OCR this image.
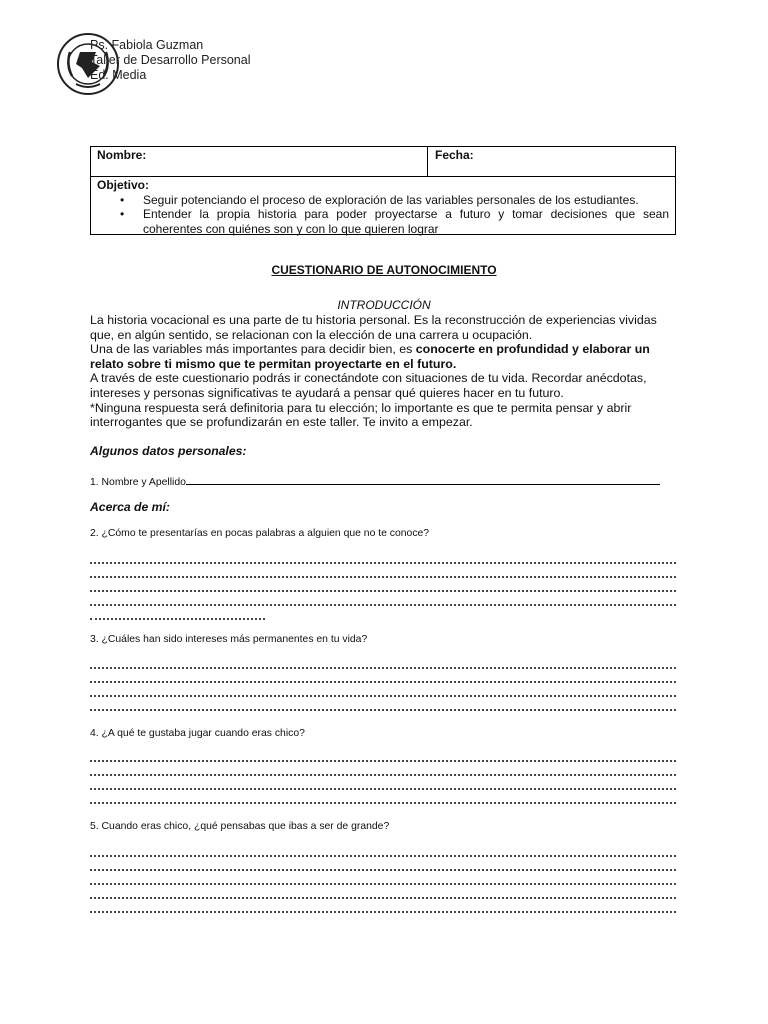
Ps. Fabiola Guzman
Taller de Desarrollo Personal
Ed. Media
Nombre:	Fecha:
Objetivo:
• Seguir potenciando el proceso de exploración de las variables personales de los estudiantes.
• Entender la propia historia para poder proyectarse a futuro y tomar decisiones que sean coherentes con quiénes son y con lo que quieren lograr
CUESTIONARIO DE AUTONOCIMIENTO
INTRODUCCIÓN

La historia vocacional es una parte de tu historia personal. Es la reconstrucción de experiencias vividas que, en algún sentido, se relacionan con la elección de una carrera u ocupación.

Una de las variables más importantes para decidir bien, es conocerte en profundidad y elaborar un relato sobre ti mismo que te permitan proyectarte en el futuro.

A través de este cuestionario podrás ir conectándote con situaciones de tu vida. Recordar anécdotas, intereses y personas significativas te ayudará a pensar qué quieres hacer en tu futuro.

*Ninguna respuesta será definitoria para tu elección; lo importante es que te permita pensar y abrir interrogantes que se profundizarán en este taller. Te invito a empezar.

Algunos datos personales:
1. Nombre y Apellido
Acerca de mí:
2. ¿Cómo te presentarías en pocas palabras a alguien que no te conoce?
3. ¿Cuáles han sido intereses más permanentes en tu vida?
4. ¿A qué te gustaba jugar cuando eras chico?
5. Cuando eras chico, ¿qué pensabas que ibas a ser de grande?
